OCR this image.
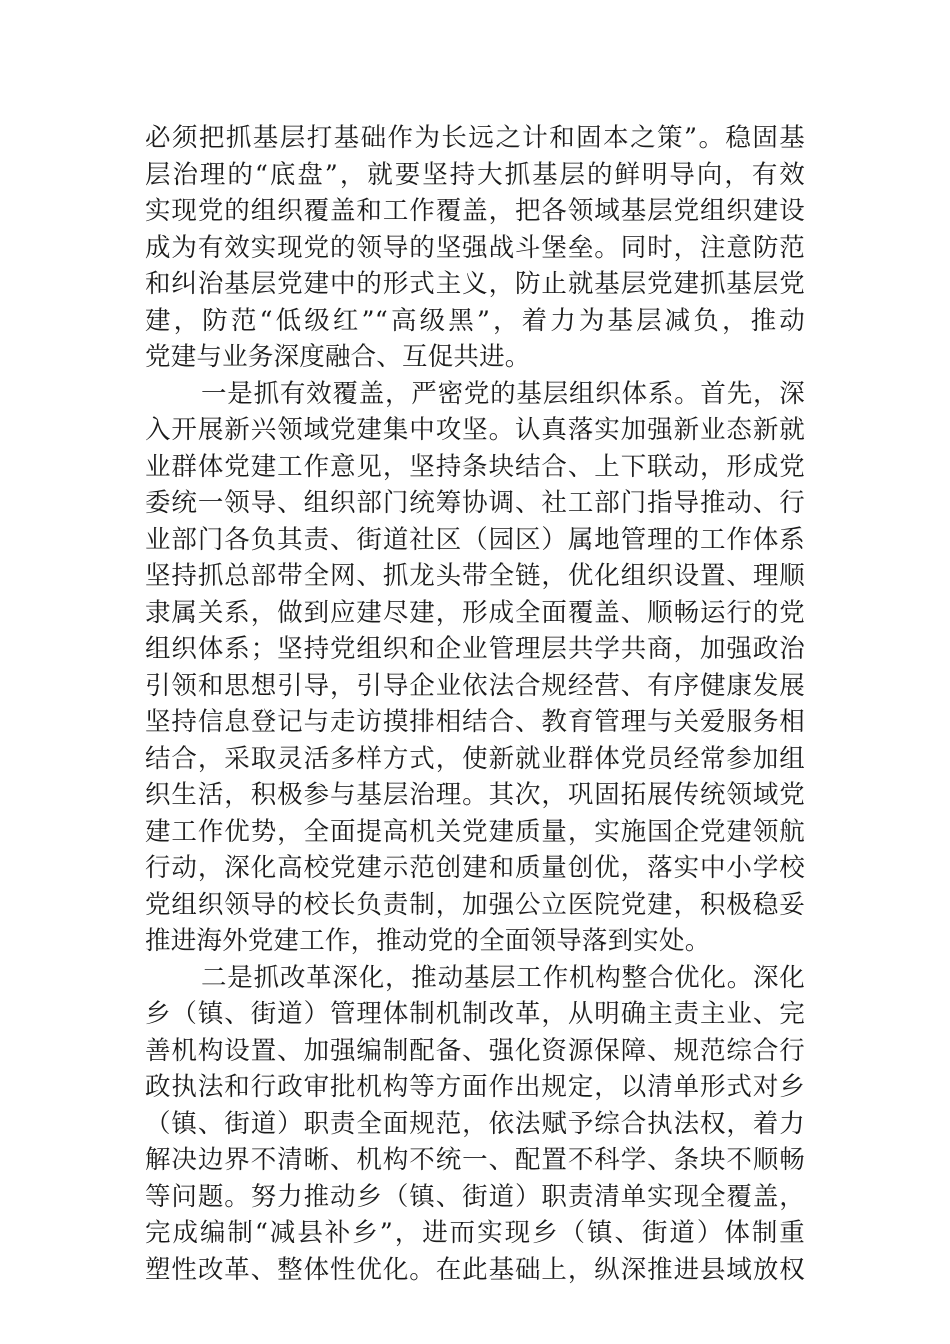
必须把抓基层打基础作为长远之计和固本之策”。稳固基
层治理的“底盘”，就要坚持大抓基层的鲜明导向，有效
实现党的组织覆盖和工作覆盖，把各领域基层党组织建设
成为有效实现党的领导的坚强战斗堡垒。同时，注意防范
和纠治基层党建中的形式主义，防止就基层党建抓基层党
建，防范“低级红”“高级黑”，着力为基层减负，推动
党建与业务深度融合、互促共进。
一是抓有效覆盖，严密党的基层组织体系。首先，深
入开展新兴领域党建集中攻坚。认真落实加强新业态新就
业群体党建工作意见，坚持条块结合、上下联动，形成党
委统一领导、组织部门统筹协调、社工部门指导推动、行
业部门各负其责、街道社区（园区）属地管理的工作体系
坚持抓总部带全网、抓龙头带全链，优化组织设置、理顺
隶属关系，做到应建尽建，形成全面覆盖、顺畅运行的党
组织体系；坚持党组织和企业管理层共学共商，加强政治
引领和思想引导，引导企业依法合规经营、有序健康发展
坚持信息登记与走访摸排相结合、教育管理与关爱服务相
结合，采取灵活多样方式，使新就业群体党员经常参加组
织生活，积极参与基层治理。其次，巩固拓展传统领域党
建工作优势，全面提高机关党建质量，实施国企党建领航
行动，深化高校党建示范创建和质量创优，落实中小学校
党组织领导的校长负责制，加强公立医院党建，积极稳妥
推进海外党建工作，推动党的全面领导落到实处。
二是抓改革深化，推动基层工作机构整合优化。深化
乡（镇、街道）管理体制机制改革，从明确主责主业、完
善机构设置、加强编制配备、强化资源保障、规范综合行
政执法和行政审批机构等方面作出规定，以清单形式对乡
（镇、街道）职责全面规范，依法赋予综合执法权，着力
解决边界不清晰、机构不统一、配置不科学、条块不顺畅
等问题。努力推动乡（镇、街道）职责清单实现全覆盖，
完成编制“减县补乡”，进而实现乡（镇、街道）体制重
塑性改革、整体性优化。在此基础上，纵深推进县域放权
